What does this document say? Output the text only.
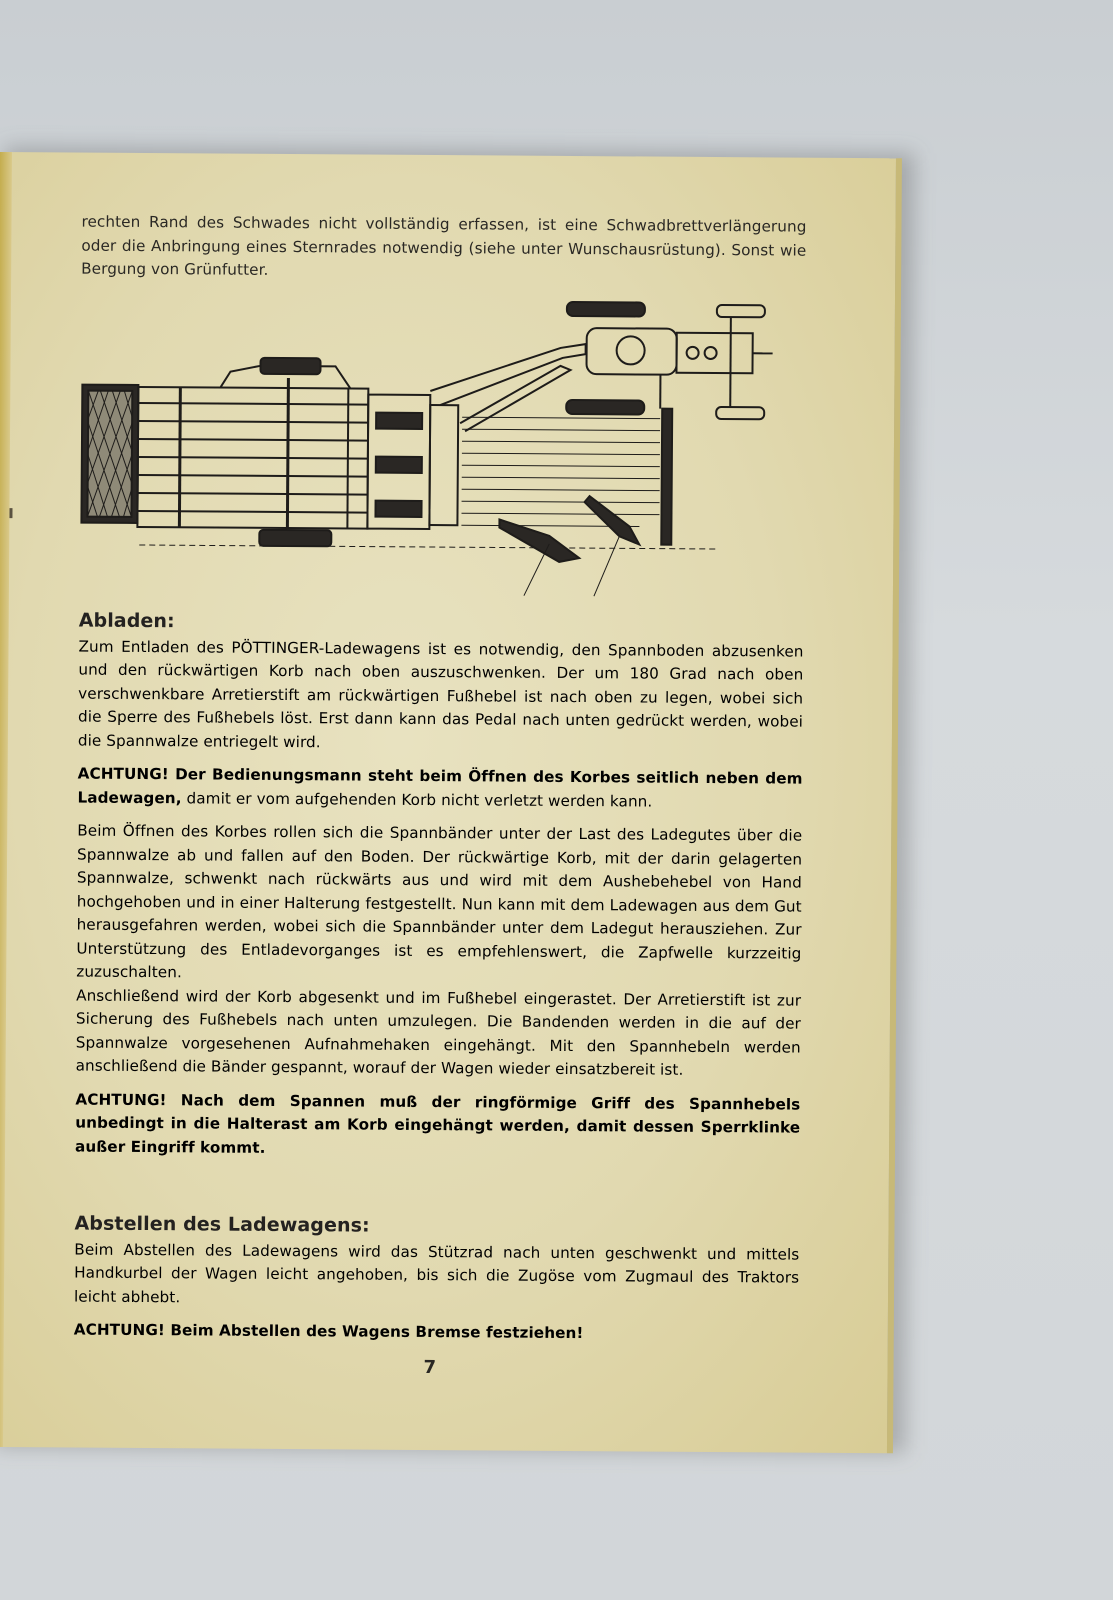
rechten Rand des Schwades nicht vollständig erfassen, ist eine Schwadbrettverlängerung oder die Anbringung eines Sternrades notwendig (siehe unter Wunschausrüstung). Sonst wie Bergung von Grünfutter.

Abladen:

Zum Entladen des PÖTTINGER-Ladewagens ist es notwendig, den Spannboden abzusenken und den rückwärtigen Korb nach oben auszuschwenken. Der um 180 Grad nach oben verschwenkbare Arretierstift am rückwärtigen Fußhebel ist nach oben zu legen, wobei sich die Sperre des Fußhebels löst. Erst dann kann das Pedal nach unten gedrückt werden, wobei die Spannwalze entriegelt wird.

ACHTUNG! Der Bedienungsmann steht beim Öffnen des Korbes seitlich neben dem Ladewagen, damit er vom aufgehenden Korb nicht verletzt werden kann.

Beim Öffnen des Korbes rollen sich die Spannbänder unter der Last des Ladegutes über die Spannwalze ab und fallen auf den Boden. Der rückwärtige Korb, mit der darin gelagerten Spannwalze, schwenkt nach rückwärts aus und wird mit dem Aushebehebel von Hand hochgehoben und in einer Halterung festgestellt. Nun kann mit dem Ladewagen aus dem Gut herausgefahren werden, wobei sich die Spannbänder unter dem Ladegut herausziehen. Zur Unterstützung des Entladevorganges ist es empfehlenswert, die Zapfwelle kurzzeitig zuzuschalten.

Anschließend wird der Korb abgesenkt und im Fußhebel eingerastet. Der Arretierstift ist zur Sicherung des Fußhebels nach unten umzulegen. Die Bandenden werden in die auf der Spannwalze vorgesehenen Aufnahmehaken eingehängt. Mit den Spannhebeln werden anschließend die Bänder gespannt, worauf der Wagen wieder einsatzbereit ist.

ACHTUNG! Nach dem Spannen muß der ringförmige Griff des Spannhebels unbedingt in die Halterast am Korb eingehängt werden, damit dessen Sperrklinke außer Eingriff kommt.

Abstellen des Ladewagens:

Beim Abstellen des Ladewagens wird das Stützrad nach unten geschwenkt und mittels Handkurbel der Wagen leicht angehoben, bis sich die Zugöse vom Zugmaul des Traktors leicht abhebt.

ACHTUNG! Beim Abstellen des Wagens Bremse festziehen!

7
